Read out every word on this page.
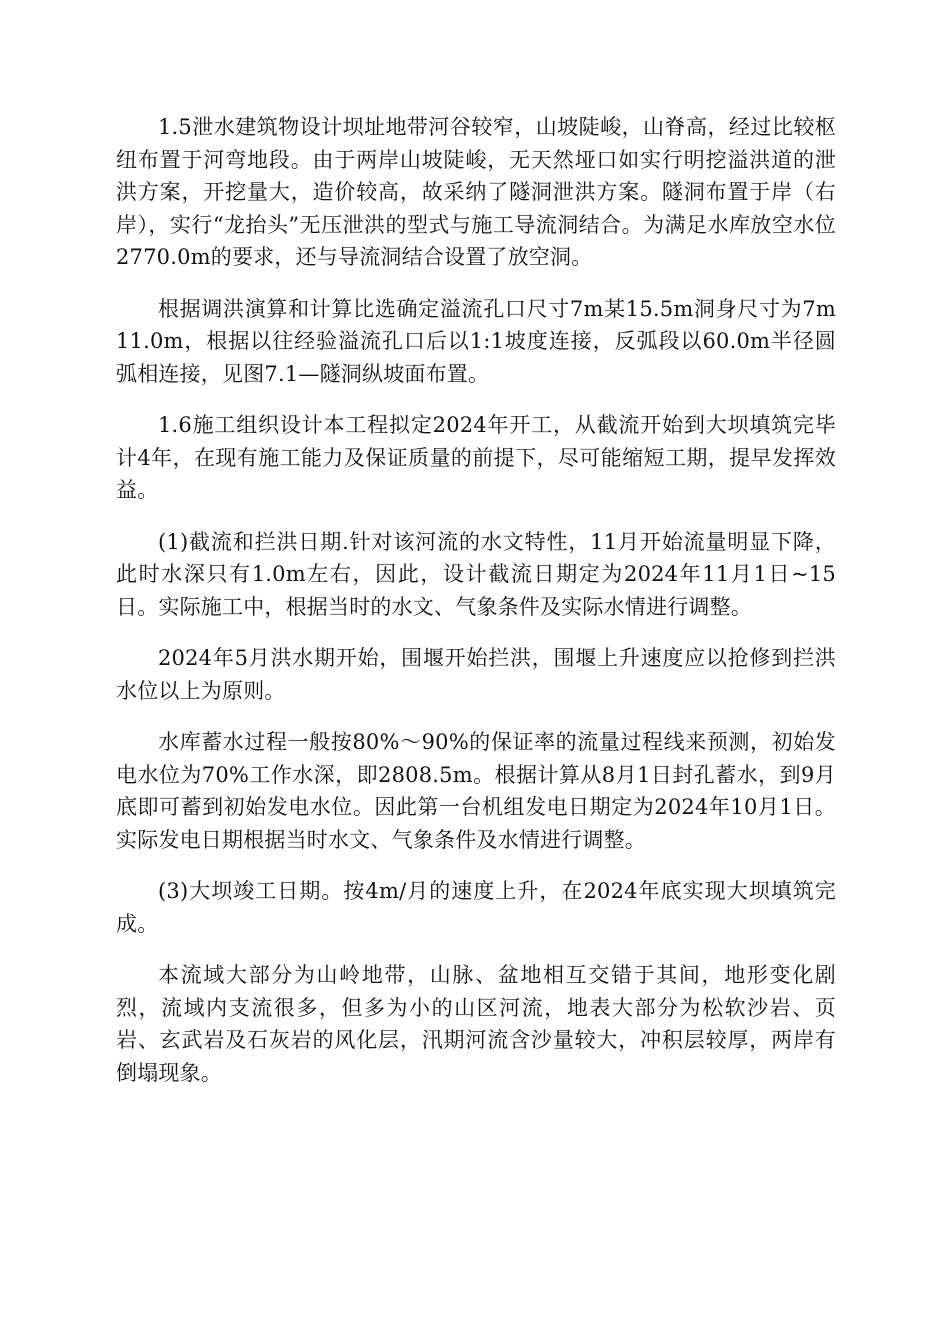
1.5泄水建筑物设计坝址地带河谷较窄，山坡陡峻，山脊高，经过比较枢纽布置于河弯地段。由于两岸山坡陡峻，无天然垭口如实行明挖溢洪道的泄洪方案，开挖量大，造价较高，故采纳了隧洞泄洪方案。隧洞布置于岸（右岸），实行“龙抬头”无压泄洪的型式与施工导流洞结合。为满足水库放空水位2770.0m的要求，还与导流洞结合设置了放空洞。

根据调洪演算和计算比选确定溢流孔口尺寸7m某15.5m洞身尺寸为7m11.0m，根据以往经验溢流孔口后以1:1坡度连接，反弧段以60.0m半径圆弧相连接，见图7.1—隧洞纵坡面布置。

1.6施工组织设计本工程拟定2024年开工，从截流开始到大坝填筑完毕计4年，在现有施工能力及保证质量的前提下，尽可能缩短工期，提早发挥效益。

(1)截流和拦洪日期.针对该河流的水文特性，11月开始流量明显下降，此时水深只有1.0m左右，因此，设计截流日期定为2024年11月1日~15日。实际施工中，根据当时的水文、气象条件及实际水情进行调整。

2024年5月洪水期开始，围堰开始拦洪，围堰上升速度应以抢修到拦洪水位以上为原则。

水库蓄水过程一般按80%～90%的保证率的流量过程线来预测，初始发电水位为70%工作水深，即2808.5m。根据计算从8月1日封孔蓄水，到9月底即可蓄到初始发电水位。因此第一台机组发电日期定为2024年10月1日。实际发电日期根据当时水文、气象条件及水情进行调整。

(3)大坝竣工日期。按4m/月的速度上升，在2024年底实现大坝填筑完成。

本流域大部分为山岭地带，山脉、盆地相互交错于其间，地形变化剧烈，流域内支流很多，但多为小的山区河流，地表大部分为松软沙岩、页岩、玄武岩及石灰岩的风化层，汛期河流含沙量较大，冲积层较厚，两岸有倒塌现象。
